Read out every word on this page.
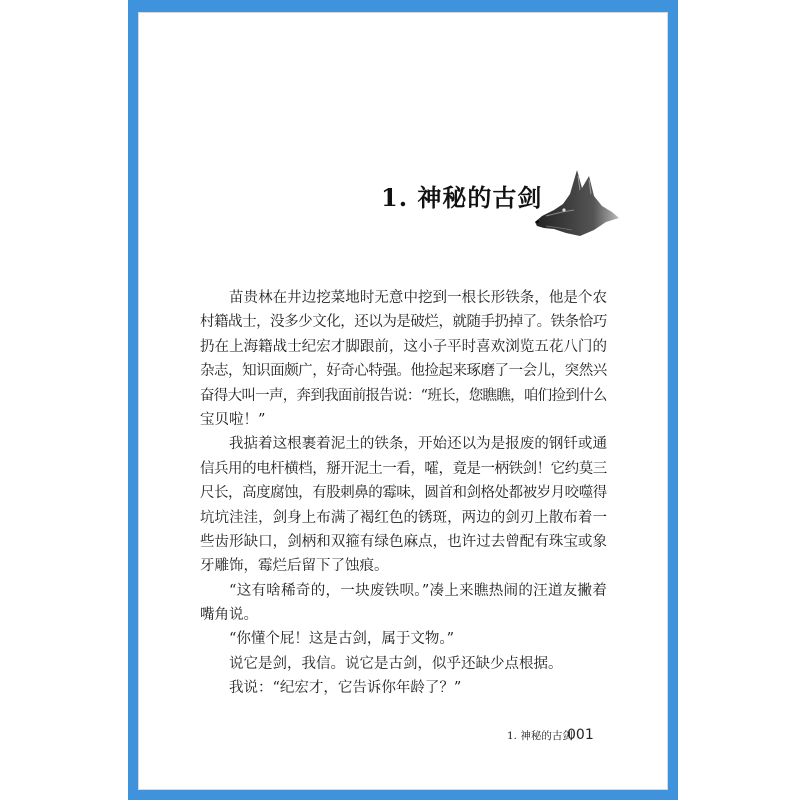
1. 神秘的古剑
苗贵林在井边挖菜地时无意中挖到一根长形铁条，他是个农
村籍战士，没多少文化，还以为是破烂，就随手扔掉了。铁条恰巧
扔在上海籍战士纪宏才脚跟前，这小子平时喜欢浏览五花八门的
杂志，知识面颇广，好奇心特强。他捡起来琢磨了一会儿，突然兴
奋得大叫一声，奔到我面前报告说：“班长，您瞧瞧，咱们捡到什么
宝贝啦！”
我掂着这根裹着泥土的铁条，开始还以为是报废的钢钎或通
信兵用的电杆横档，掰开泥土一看，嚯，竟是一柄铁剑！它约莫三
尺长，高度腐蚀，有股刺鼻的霉味，圆首和剑格处都被岁月咬噬得
坑坑洼洼，剑身上布满了褐红色的锈斑，两边的剑刃上散布着一
些齿形缺口，剑柄和双箍有绿色麻点，也许过去曾配有珠宝或象
牙雕饰，霉烂后留下了蚀痕。
“这有啥稀奇的，一块废铁呗。”凑上来瞧热闹的汪道友撇着
嘴角说。
“你懂个屁！这是古剑，属于文物。”
说它是剑，我信。说它是古剑，似乎还缺少点根据。
我说：“纪宏才，它告诉你年龄了？”
1. 神秘的古剑
001
